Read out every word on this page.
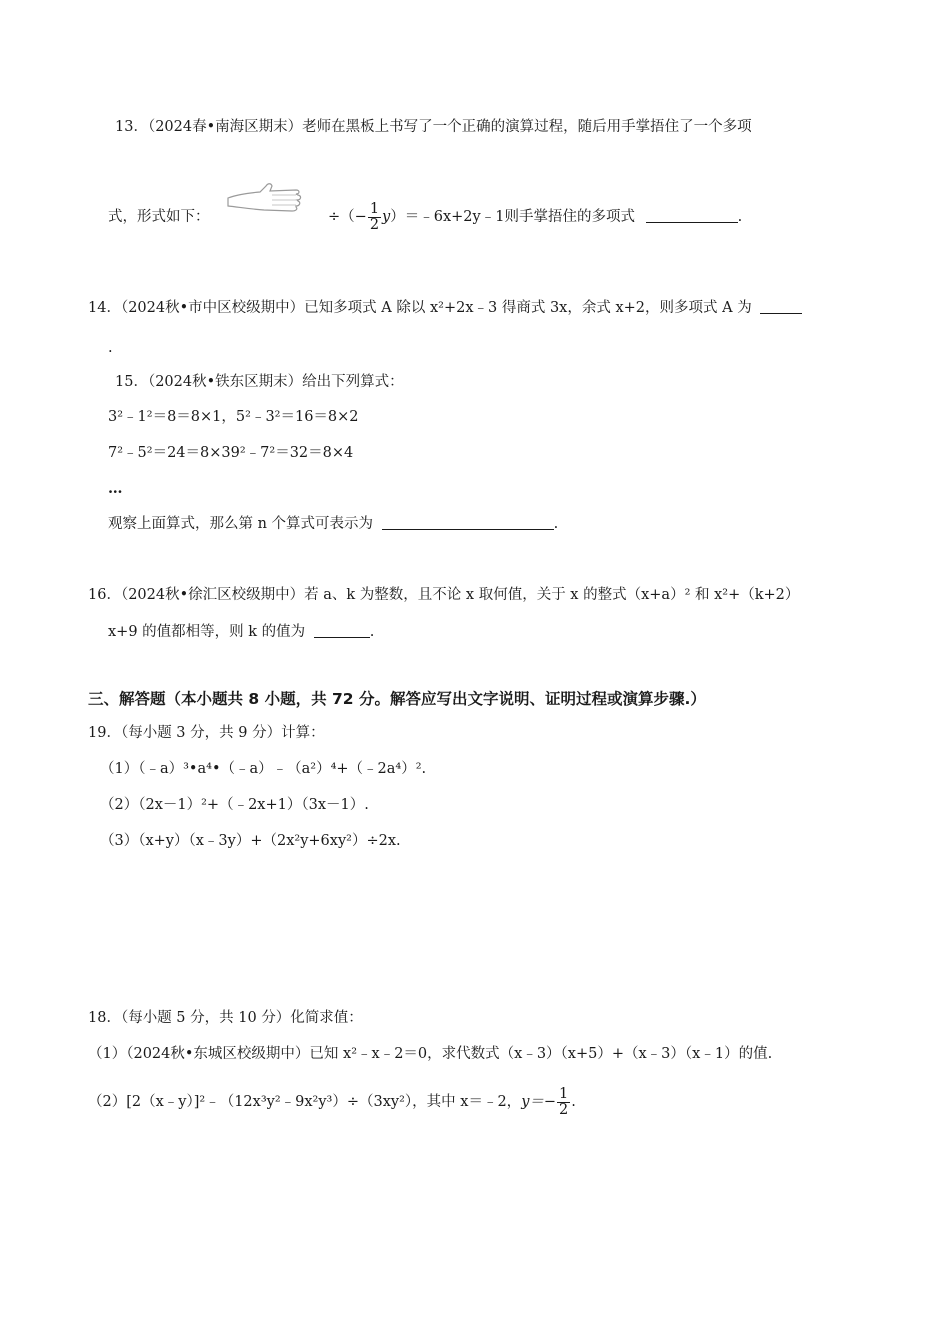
13．（2024春•南海区期末）老师在黑板上书写了一个正确的演算过程，随后用手掌捂住了一个多项
式，形式如下：	÷（− $\frac{1}{2}$ y）＝﹣6x+2y﹣1则手掌捂住的多项式	.
14．（2024秋•市中区校级期中）已知多项式 A 除以 x²+2x﹣3 得商式 3x，余式 x+2，则多项式 A 为
.
15．（2024秋•铁东区期末）给出下列算式：
3²﹣1²＝8＝8×1，5²﹣3²＝16＝8×2
7²﹣5²＝24＝8×39²﹣7²＝32＝8×4
…
观察上面算式，那么第 n 个算式可表示为	.
16．（2024秋•徐汇区校级期中）若 a、k 为整数，且不论 x 取何值，关于 x 的整式（x+a）² 和 x²+（k+2）
x+9 的值都相等，则 k 的值为	.
三、解答题（本小题共 8 小题，共 72 分。解答应写出文字说明、证明过程或演算步骤.）
19．（每小题 3 分，共 9 分）计算：
（1）（﹣a）³•a⁴•（﹣a）﹣（a²）⁴+（﹣2a⁴）².
（2）（2x－1）²+（﹣2x+1）（3x－1）.
（3）（x+y）（x﹣3y）+（2x²y+6xy²）÷2x.
18．（每小题 5 分，共 10 分）化简求值：
（1）（2024秋•东城区校级期中）已知 x²﹣x﹣2＝0，求代数式（x﹣3）（x+5）+（x﹣3）（x﹣1）的值.
（2）[2（x﹣y）]²﹣（12x³y²﹣9x²y³）÷（3xy²），其中 x＝﹣2，$y=- \frac{1}{2}$ .
